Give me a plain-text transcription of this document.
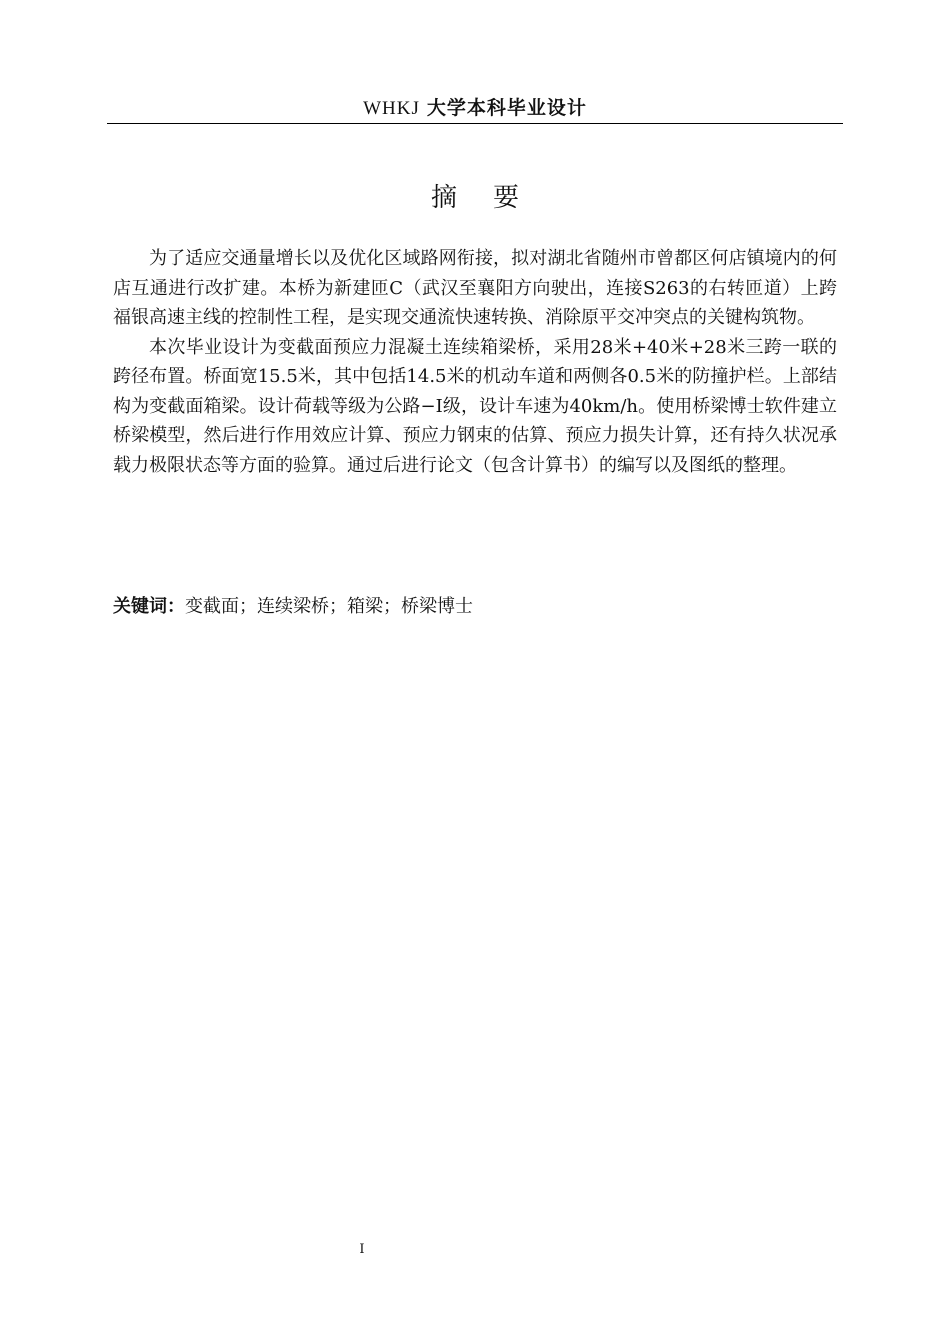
WHKJ 大学本科毕业设计
摘要

为了适应交通量增长以及优化区域路网衔接，拟对湖北省随州市曾都区何店镇境内的何店互通进行改扩建。本桥为新建匝C（武汉至襄阳方向驶出，连接S263的右转匝道）上跨福银高速主线的控制性工程，是实现交通流快速转换、消除原平交冲突点的关键构筑物。

本次毕业设计为变截面预应力混凝土连续箱梁桥，采用28米+40米+28米三跨一联的跨径布置。桥面宽15.5米，其中包括14.5米的机动车道和两侧各0.5米的防撞护栏。上部结构为变截面箱梁。设计荷载等级为公路−Ⅰ级，设计车速为40km/h。使用桥梁博士软件建立桥梁模型，然后进行作用效应计算、预应力钢束的估算、预应力损失计算，还有持久状况承载力极限状态等方面的验算。通过后进行论文（包含计算书）的编写以及图纸的整理。

关键词：变截面；连续梁桥；箱梁；桥梁博士
I
